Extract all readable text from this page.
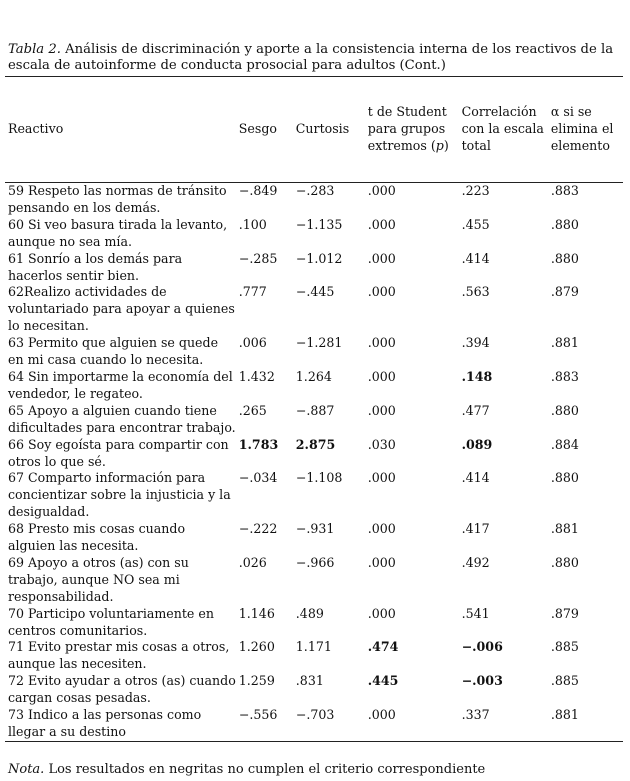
Tabla 2. Análisis de discriminación y aporte a la consistencia interna de los reactivos de la escala de autoinforme de conducta prosocial para adultos (Cont.)
Reactivo	Sesgo	Curtosis	t de Student para grupos extremos (p)	Correlación con la escala total	α si se elimina el elemento
59 Respeto las normas de tránsito pensando en los demás.	−.849	−.283	.000	.223	.883
60 Si veo basura tirada la levanto, aunque no sea mía.	.100	−1.135	.000	.455	.880
61 Sonrío a los demás para hacerlos sentir bien.	−.285	−1.012	.000	.414	.880
62Realizo actividades de voluntariado para apoyar a quienes lo necesitan.	.777	−.445	.000	.563	.879
63 Permito que alguien se quede en mi casa cuando lo necesita.	.006	−1.281	.000	.394	.881
64 Sin importarme la economía del vendedor, le regateo.	1.432	1.264	.000	.148	.883
65 Apoyo a alguien cuando tiene dificultades para encontrar trabajo.	.265	−.887	.000	.477	.880
66 Soy egoísta para compartir con otros lo que sé.	1.783	2.875	.030	.089	.884
67 Comparto información para concientizar sobre la injusticia y la desigualdad.	−.034	−1.108	.000	.414	.880
68 Presto mis cosas cuando alguien las necesita.	−.222	−.931	.000	.417	.881
69 Apoyo a otros (as) con su trabajo, aunque NO sea mi responsabilidad.	.026	−.966	.000	.492	.880
70 Participo voluntariamente en centros comunitarios.	1.146	.489	.000	.541	.879
71 Evito prestar mis cosas a otros, aunque las necesiten.	1.260	1.171	.474	−.006	.885
72 Evito ayudar a otros (as) cuando cargan cosas pesadas.	1.259	.831	.445	−.003	.885
73 Indico a las personas como llegar a su destino	−.556	−.703	.000	.337	.881
Nota. Los resultados en negritas no cumplen el criterio correspondiente
